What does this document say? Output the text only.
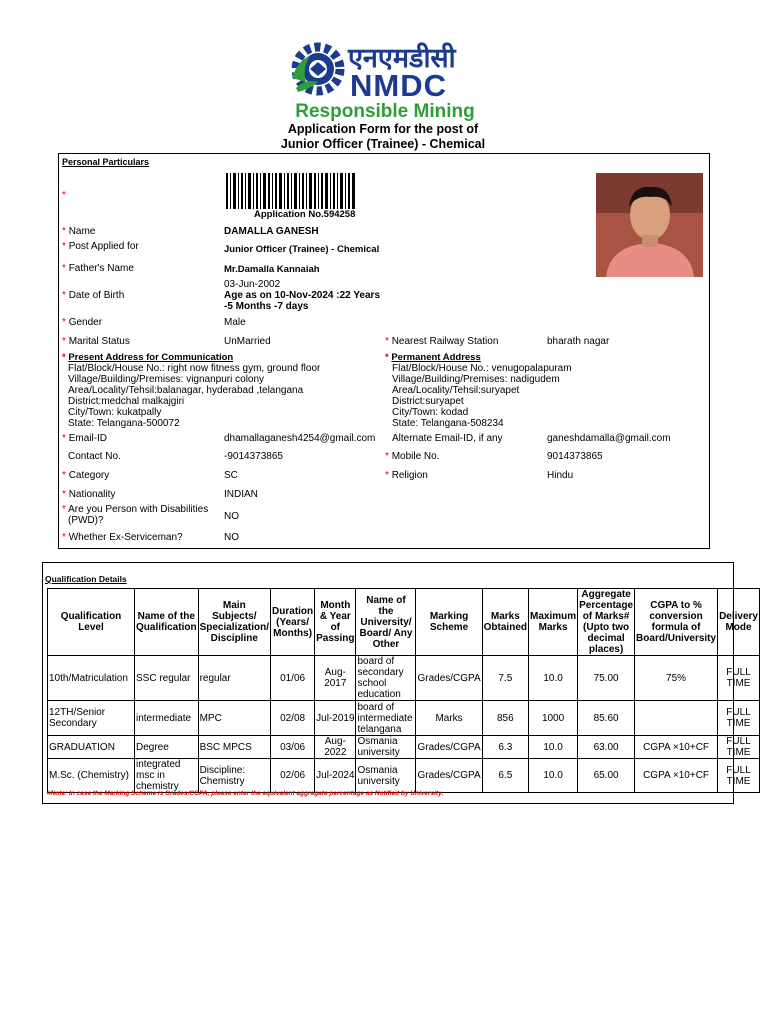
एनएमडीसी
NMDC
Responsible Mining
Application Form for the post of
Junior Officer (Trainee) - Chemical
Personal Particulars
*
Application No.594258
* Name	DAMALLA GANESH
* Post Applied for	Junior Officer (Trainee) - Chemical
* Father's Name	Mr.Damalla Kannaiah
* Date of Birth
03-Jun-2002
Age as on 10-Nov-2024 :22 Years
-5 Months -7 days
* Gender	Male
* Marital Status	UnMarried	* Nearest Railway Station	bharath nagar
* Present Address for Communication
Flat/Block/House No.: right now fitness gym, ground floor
Village/Building/Premises: vignanpuri colony
Area/Locality/Tehsil:balanagar, hyderabad ,telangana
District:medchal malkajgiri
City/Town: kukatpally
State: Telangana-500072
* Permanent Address
Flat/Block/House No.: venugopalapuram
Village/Building/Premises: nadigudem
Area/Locality/Tehsil:suryapet
District:suryapet
City/Town: kodad
State: Telangana-508234
* Email-ID	dhamallaganesh4254@gmail.com Alternate Email-ID, if any	ganeshdamalla@gmail.com
Contact No.	-9014373865	* Mobile No.	9014373865
* Category	SC	* Religion	Hindu
* Nationality	INDIAN
* Are you Person with Disabilities
(PWD)?	NO
* Whether Ex-Serviceman?	NO
Qualification Details
Qualification Level	Name of the Qualification	Main Subjects/ Specialization/ Discipline	Duration (Years/ Months)	Month & Year of Passing	Name of the University/ Board/ Any Other	Marking Scheme	Marks Obtained	Maximum Marks	Aggregate Percentage of Marks# (Upto two decimal places)	CGPA to % conversion formula of Board/University	Delivery Mode
10th/Matriculation	SSC regular	regular	01/06	Aug-2017	board of secondary school education	Grades/CGPA	7.5	10.0	75.00	75%	FULL TIME
12TH/Senior Secondary	intermediate	MPC	02/08	Jul-2019	board of intermediate telangana	Marks	856	1000	85.60		FULL TIME
GRADUATION	Degree	BSC MPCS	03/06	Aug-2022	Osmania university	Grades/CGPA	6.3	10.0	63.00	CGPA ×10+CF	FULL TIME
M.Sc. (Chemistry)	integrated msc in chemistry	Discipline: Chemistry	02/06	Jul-2024	Osmania university	Grades/CGPA	6.5	10.0	65.00	CGPA ×10+CF	FULL TIME
#Note: In case the Marking Scheme is Grades/CGPA, please enter the equivalent aggregate percentage as Notified by University.
